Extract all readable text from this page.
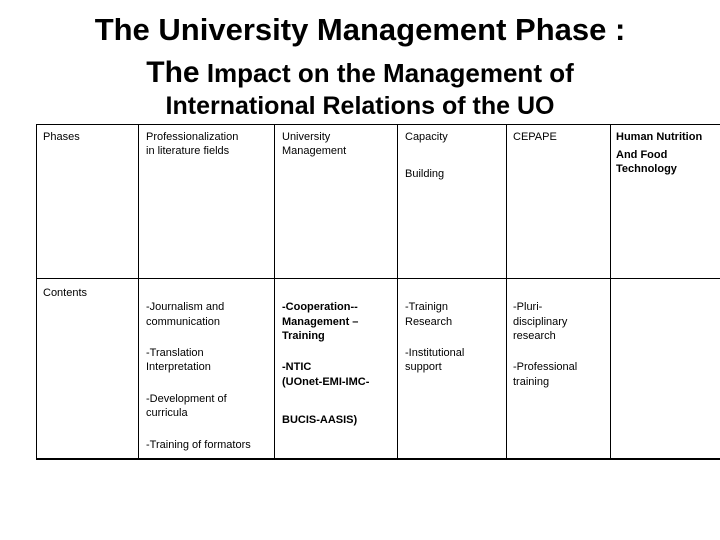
The University Management Phase :
The Impact on the Management of
International Relations of the UO
Phases	Professionalization
in literature fields
University
Management
Capacity
Building
CEPAPE	Human Nutrition
And Food
Technology
Contents

-Journalism and
communication

-Translation
Interpretation

-Development of
curricula

-Training of formators

-Cooperation--
Management –
Training

-NTIC
(UOnet-EMI-IMC-

BUCIS-AASIS)

-Trainign
Research

-Institutional
support

-Pluri-
disciplinary
research

-Professional
training
